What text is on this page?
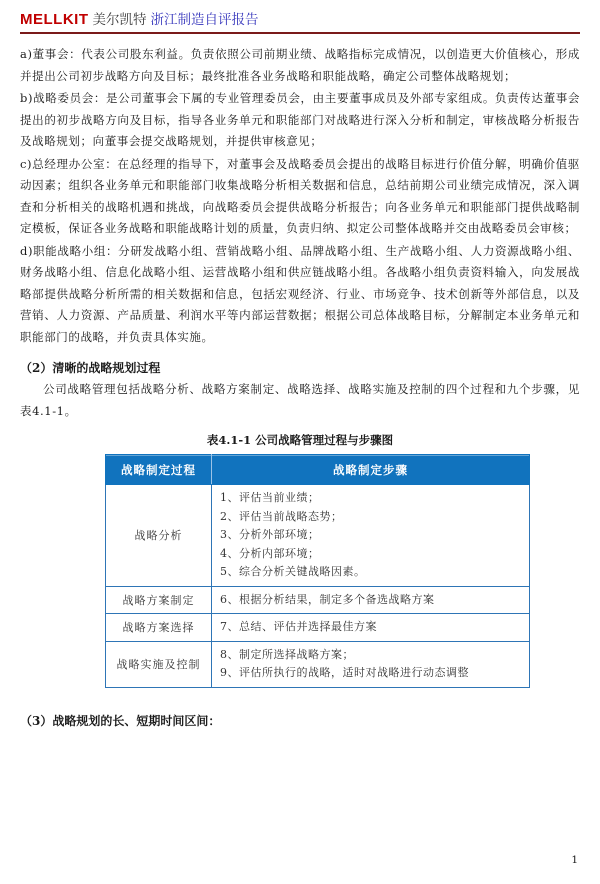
MELLKIT 美尔凯特 浙江制造自评报告

a)董事会：代表公司股东利益。负责依照公司前期业绩、战略指标完成情况，以创造更大价值核心，形成并提出公司初步战略方向及目标；最终批准各业务战略和职能战略，确定公司整体战略规划；

b)战略委员会：是公司董事会下属的专业管理委员会，由主要董事成员及外部专家组成。负责传达董事会提出的初步战略方向及目标，指导各业务单元和职能部门对战略进行深入分析和制定，审核战略分析报告及战略规划；向董事会提交战略规划，并提供审核意见；

c)总经理办公室：在总经理的指导下，对董事会及战略委员会提出的战略目标进行价值分解，明确价值驱动因素；组织各业务单元和职能部门收集战略分析相关数据和信息，总结前期公司业绩完成情况，深入调查和分析相关的战略机遇和挑战，向战略委员会提供战略分析报告；向各业务单元和职能部门提供战略制定模板，保证各业务战略和职能战略计划的质量，负责归纳、拟定公司整体战略并交由战略委员会审核；

d)职能战略小组：分研发战略小组、营销战略小组、品牌战略小组、生产战略小组、人力资源战略小组、财务战略小组、信息化战略小组、运营战略小组和供应链战略小组。各战略小组负责资料输入，向发展战略部提供战略分析所需的相关数据和信息，包括宏观经济、行业、市场竞争、技术创新等外部信息，以及营销、人力资源、产品质量、利润水平等内部运营数据；根据公司总体战略目标，分解制定本业务单元和职能部门的战略，并负责具体实施。

（2）清晰的战略规划过程

公司战略管理包括战略分析、战略方案制定、战略选择、战略实施及控制的四个过程和九个步骤，见表4.1-1。

表4.1-1 公司战略管理过程与步骤图
战略制定过程	战略制定步骤
战略分析	1、评估当前业绩；
2、评估当前战略态势；
3、分析外部环境；
4、分析内部环境；
5、综合分析关键战略因素。

战略方案制定	6、根据分析结果，制定多个备选战略方案

战略方案选择	7、总结、评估并选择最佳方案

战略实施及控制	8、制定所选择战略方案；
9、评估所执行的战略，适时对战略进行动态调整
（3）战略规划的长、短期时间区间：
1
